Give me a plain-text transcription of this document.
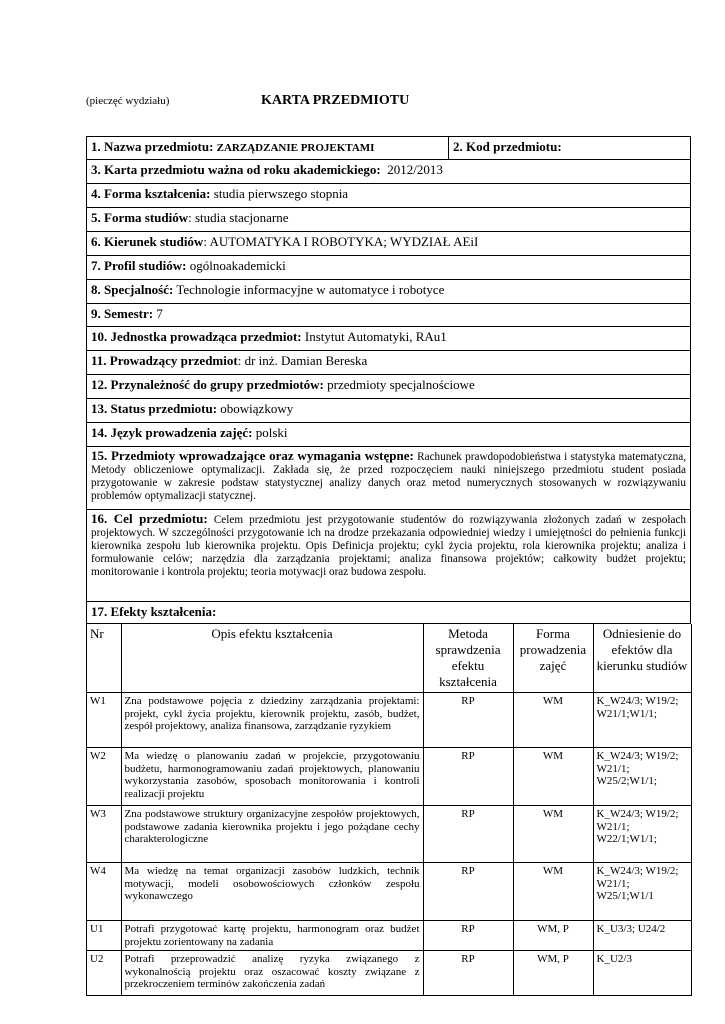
(pieczęć wydziału)	KARTA PRZEDMIOTU
1. Nazwa przedmiotu: ZARZĄDZANIE PROJEKTAMI	2. Kod przedmiotu:
3. Karta przedmiotu ważna od roku akademickiego: 2012/2013
4. Forma kształcenia: studia pierwszego stopnia
5. Forma studiów: studia stacjonarne
6. Kierunek studiów: AUTOMATYKA I ROBOTYKA; WYDZIAŁ AEiI
7. Profil studiów: ogólnoakademicki
8. Specjalność: Technologie informacyjne w automatyce i robotyce
9. Semestr: 7
10. Jednostka prowadząca przedmiot: Instytut Automatyki, RAu1
11. Prowadzący przedmiot: dr inż. Damian Bereska
12. Przynależność do grupy przedmiotów: przedmioty specjalnościowe
13. Status przedmiotu: obowiązkowy
14. Język prowadzenia zajęć: polski
15. Przedmioty wprowadzające oraz wymagania wstępne: Rachunek prawdopodobieństwa i statystyka matematyczna, Metody obliczeniowe optymalizacji. Zakłada się, że przed rozpoczęciem nauki niniejszego przedmiotu student posiada przygotowanie w zakresie podstaw statystycznej analizy danych oraz metod numerycznych stosowanych w rozwiązywaniu problemów optymalizacji statycznej.
16. Cel przedmiotu: Celem przedmiotu jest przygotowanie studentów do rozwiązywania złożonych zadań w zespołach projektowych. W szczególności przygotowanie ich na drodze przekazania odpowiedniej wiedzy i umiejętności do pełnienia funkcji kierownika zespołu lub kierownika projektu. Opis Definicja projektu; cykl życia projektu, rola kierownika projektu; analiza i formułowanie celów; narzędzia dla zarządzania projektami; analiza finansowa projektów; całkowity budżet projektu; monitorowanie i kontrola projektu; teoria motywacji oraz budowa zespołu.
17. Efekty kształcenia:
Nr	Opis efektu kształcenia	Metoda sprawdzenia efektu kształcenia	Forma prowadzenia zajęć	Odniesienie do efektów dla kierunku studiów
W1	Zna podstawowe pojęcia z dziedziny zarządzania projektami: projekt, cykl życia projektu, kierownik projektu, zasób, budżet, zespół projektowy, analiza finansowa, zarządzanie ryzykiem	RP	WM	K_W24/3; W19/2; W21/1;W1/1;
W2	Ma wiedzę o planowaniu zadań w projekcie, przygotowaniu budżetu, harmonogramowaniu zadań projektowych, planowaniu wykorzystania zasobów, sposobach monitorowania i kontroli realizacji projektu	RP	WM	K_W24/3; W19/2; W21/1; W25/2;W1/1;
W3	Zna podstawowe struktury organizacyjne zespołów projektowych, podstawowe zadania kierownika projektu i jego pożądane cechy charakterologiczne	RP	WM	K_W24/3; W19/2; W21/1; W22/1;W1/1;
W4	Ma wiedzę na temat organizacji zasobów ludzkich, technik motywacji, modeli osobowościowych członków zespołu wykonawczego	RP	WM	K_W24/3; W19/2; W21/1; W25/1;W1/1
U1	Potrafi przygotować kartę projektu, harmonogram oraz budżet projektu zorientowany na zadania	RP	WM, P	K_U3/3; U24/2
U2	Potrafi przeprowadzić analizę ryzyka związanego z wykonalnością projektu oraz oszacować koszty związane z przekroczeniem terminów zakończenia zadań	RP	WM, P	K_U2/3
